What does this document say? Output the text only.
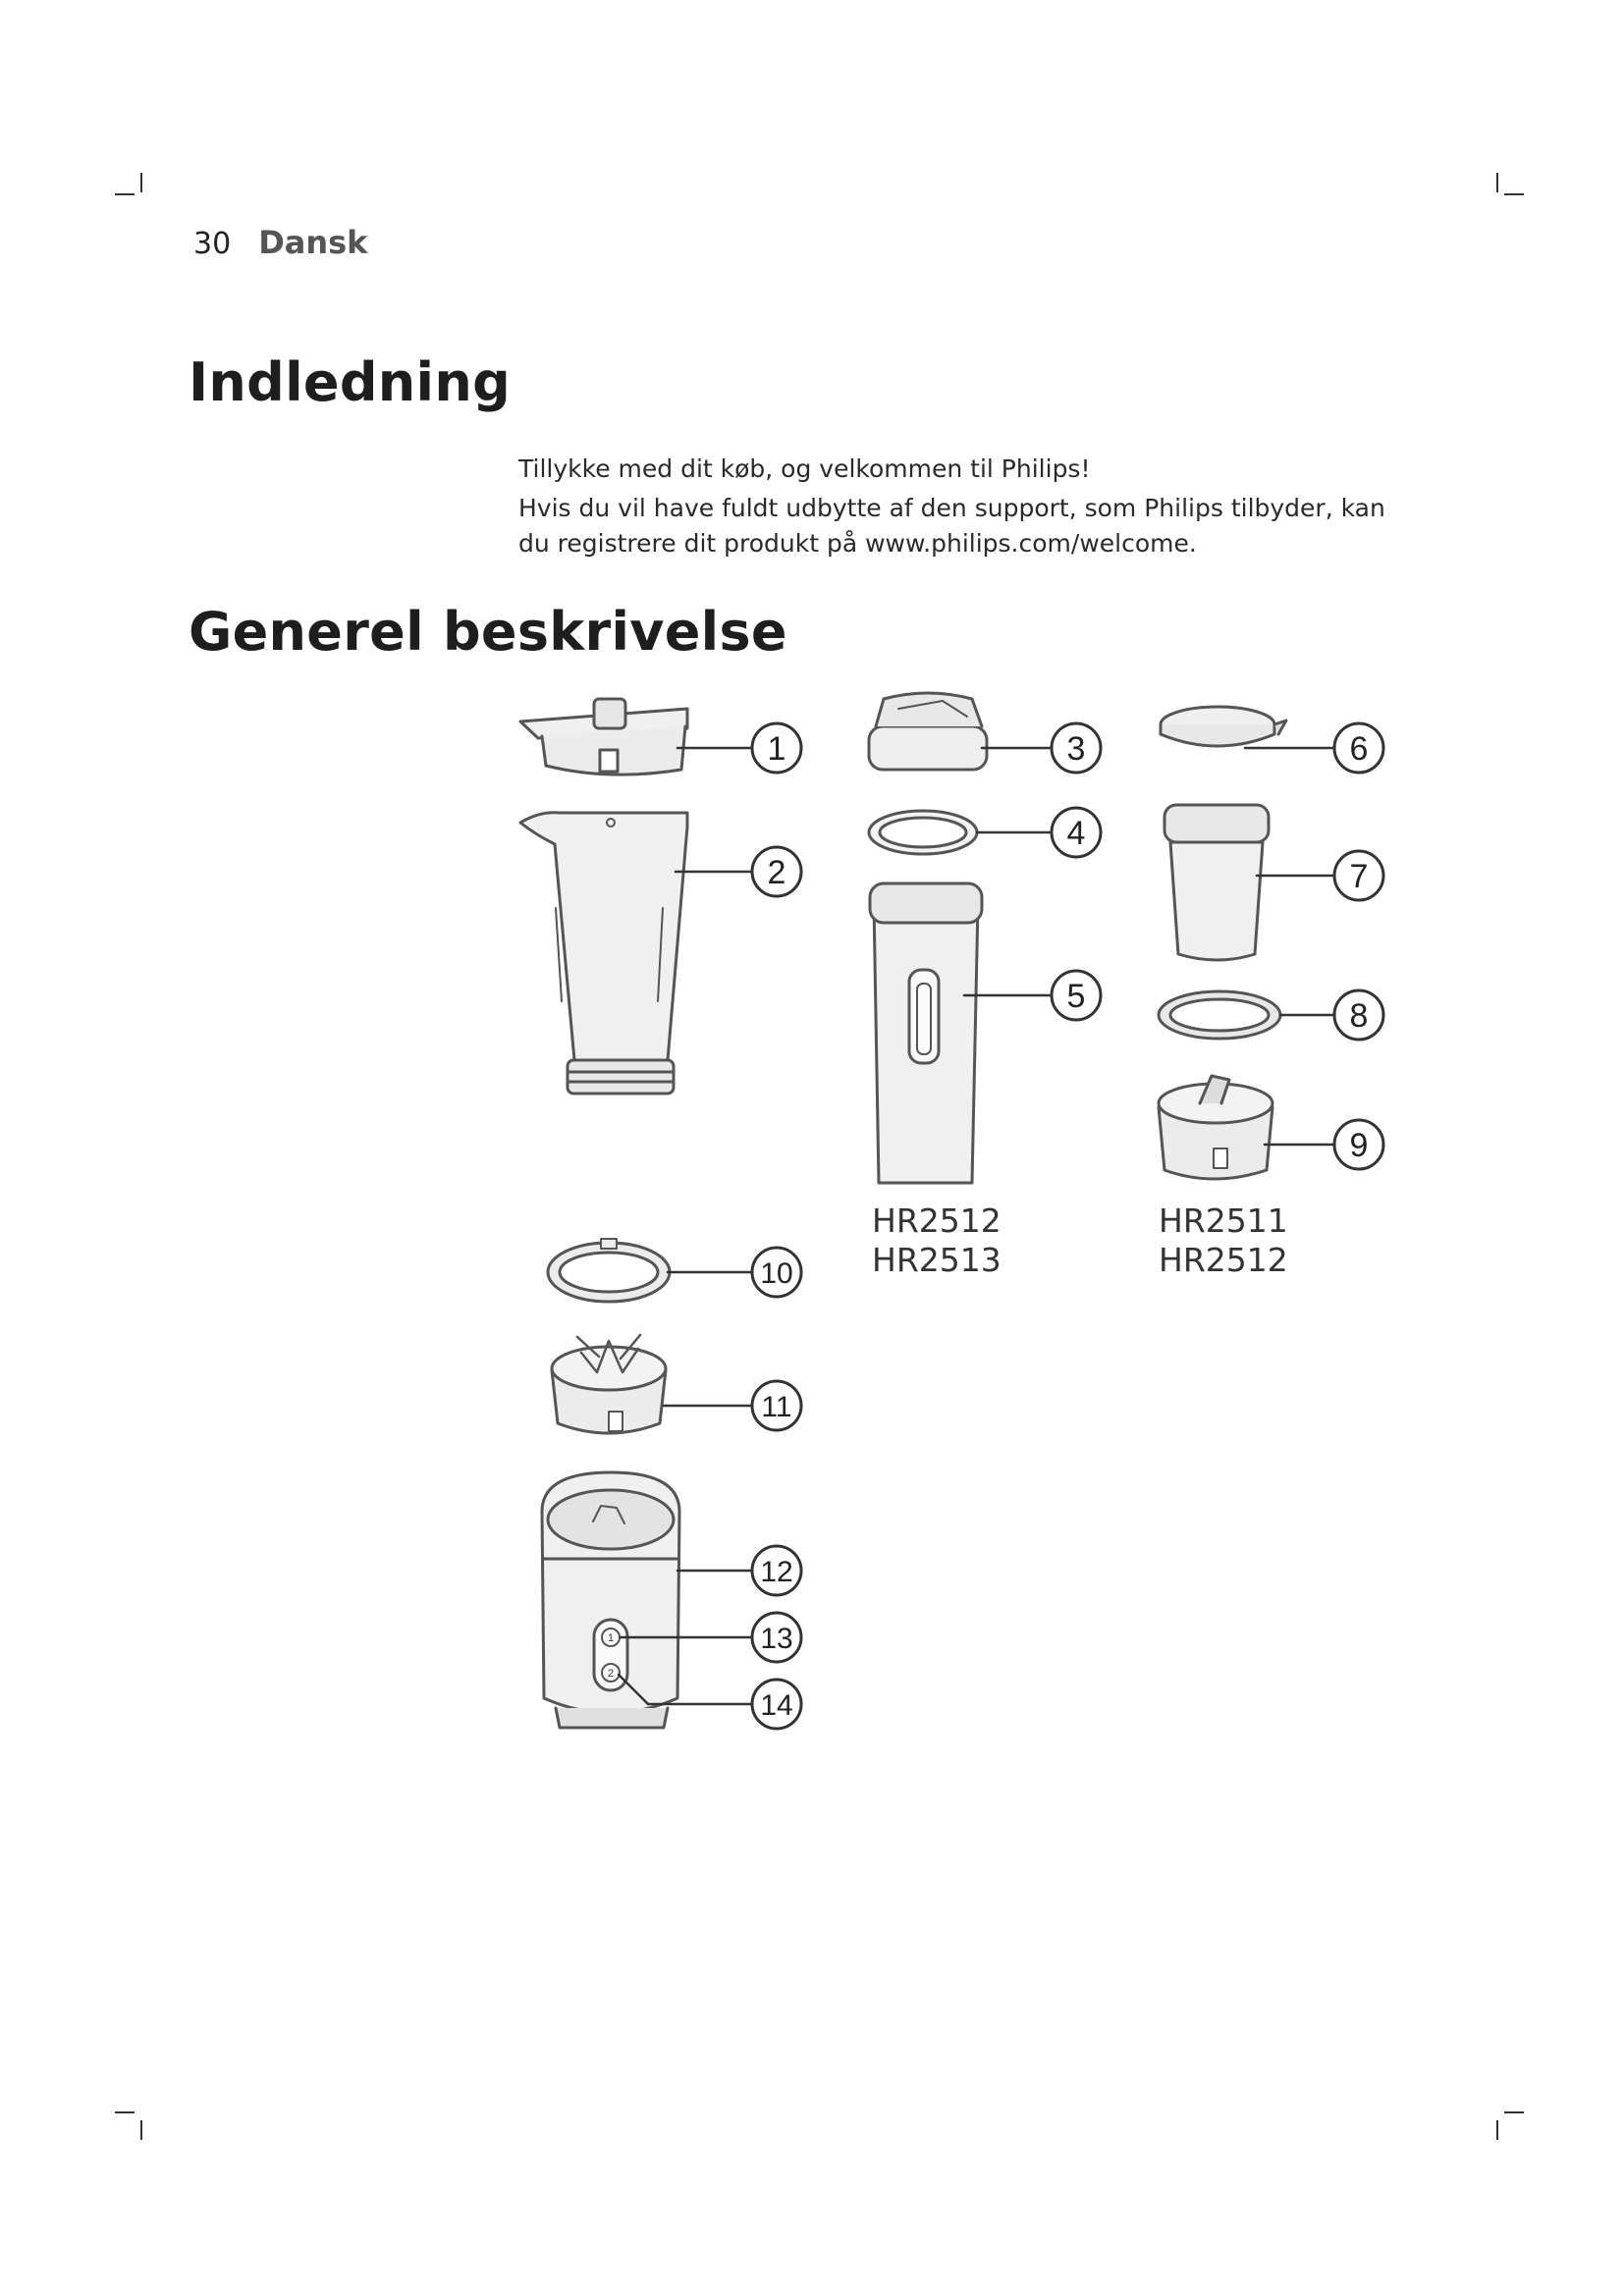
30 Dansk
Indledning

Tillykke med dit køb, og velkommen til Philips!

Hvis du vil have fuldt udbytte af den support, som Philips tilbyder, kan du registrere dit produkt på www.philips.com/welcome.

Generel beskrivelse
1
2
3
4
5
6
7
8
9
10
11
12
13
14
1
2
HR2512
HR2513
HR2511
HR2512
